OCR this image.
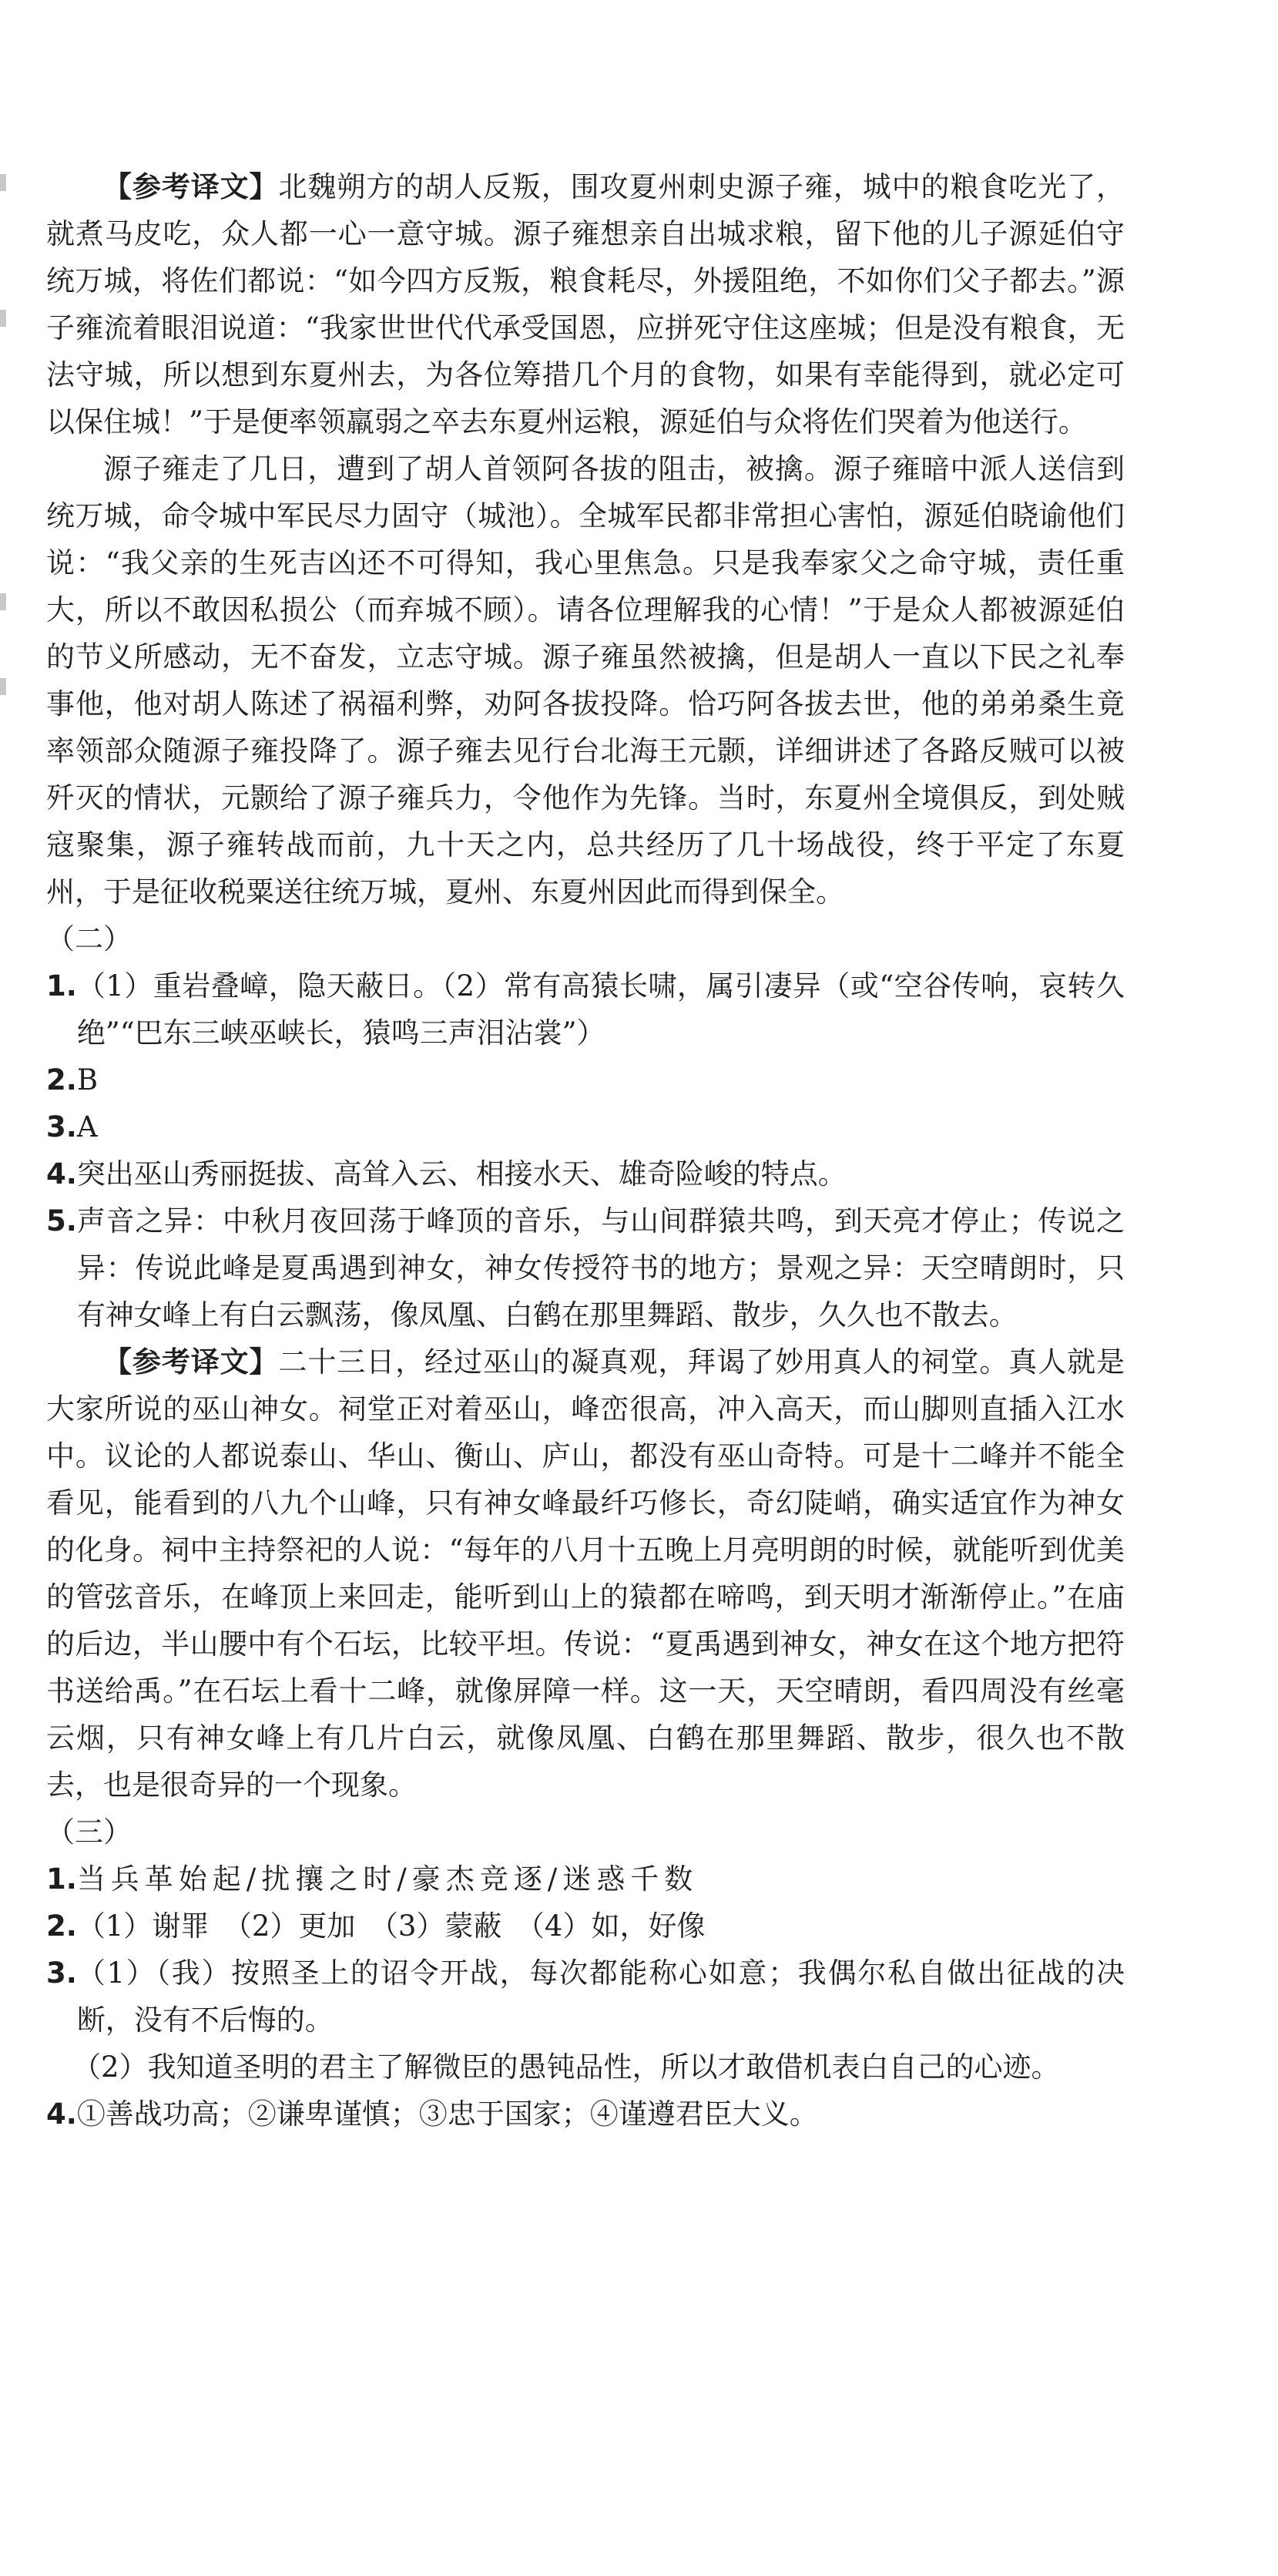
【参考译文】北魏朔方的胡人反叛，围攻夏州刺史源子雍，城中的粮食吃光了，就煮马皮吃，众人都一心一意守城。源子雍想亲自出城求粮，留下他的儿子源延伯守统万城，将佐们都说：“如今四方反叛，粮食耗尽，外援阻绝，不如你们父子都去。”源子雍流着眼泪说道：“我家世世代代承受国恩，应拼死守住这座城；但是没有粮食，无法守城，所以想到东夏州去，为各位筹措几个月的食物，如果有幸能得到，就必定可以保住城！”于是便率领羸弱之卒去东夏州运粮，源延伯与众将佐们哭着为他送行。

源子雍走了几日，遭到了胡人首领阿各拔的阻击，被擒。源子雍暗中派人送信到统万城，命令城中军民尽力固守（城池）。全城军民都非常担心害怕，源延伯晓谕他们说：“我父亲的生死吉凶还不可得知，我心里焦急。只是我奉家父之命守城，责任重大，所以不敢因私损公（而弃城不顾）。请各位理解我的心情！”于是众人都被源延伯的节义所感动，无不奋发，立志守城。源子雍虽然被擒，但是胡人一直以下民之礼奉事他，他对胡人陈述了祸福利弊，劝阿各拔投降。恰巧阿各拔去世，他的弟弟桑生竟率领部众随源子雍投降了。源子雍去见行台北海王元颢，详细讲述了各路反贼可以被歼灭的情状，元颢给了源子雍兵力，令他作为先锋。当时，东夏州全境俱反，到处贼寇聚集，源子雍转战而前，九十天之内，总共经历了几十场战役，终于平定了东夏州，于是征收税粟送往统万城，夏州、东夏州因此而得到保全。

（二）

1. （1）重岩叠嶂，隐天蔽日。（2）常有高猿长啸，属引凄异（或“空谷传响，哀转久绝”“巴东三峡巫峡长，猿鸣三声泪沾裳”）
2. B
3. A
4. 突出巫山秀丽挺拔、高耸入云、相接水天、雄奇险峻的特点。
5. 声音之异：中秋月夜回荡于峰顶的音乐，与山间群猿共鸣，到天亮才停止；传说之异：传说此峰是夏禹遇到神女，神女传授符书的地方；景观之异：天空晴朗时，只有神女峰上有白云飘荡，像凤凰、白鹤在那里舞蹈、散步，久久也不散去。

【参考译文】二十三日，经过巫山的凝真观，拜谒了妙用真人的祠堂。真人就是大家所说的巫山神女。祠堂正对着巫山，峰峦很高，冲入高天，而山脚则直插入江水中。议论的人都说泰山、华山、衡山、庐山，都没有巫山奇特。可是十二峰并不能全看见，能看到的八九个山峰，只有神女峰最纤巧修长，奇幻陡峭，确实适宜作为神女的化身。祠中主持祭祀的人说：“每年的八月十五晚上月亮明朗的时候，就能听到优美的管弦音乐，在峰顶上来回走，能听到山上的猿都在啼鸣，到天明才渐渐停止。”在庙的后边，半山腰中有个石坛，比较平坦。传说：“夏禹遇到神女，神女在这个地方把符书送给禹。”在石坛上看十二峰，就像屏障一样。这一天，天空晴朗，看四周没有丝毫云烟，只有神女峰上有几片白云，就像凤凰、白鹤在那里舞蹈、散步，很久也不散去，也是很奇异的一个现象。

（三）

1. 当兵革始起/扰攘之时/豪杰竞逐/迷惑千数
2. （1）谢罪　（2）更加　（3）蒙蔽　（4）如，好像
3. （1）（我）按照圣上的诏令开战，每次都能称心如意；我偶尔私自做出征战的决断，没有不后悔的。

（2）我知道圣明的君主了解微臣的愚钝品性，所以才敢借机表白自己的心迹。

4. ①善战功高；②谦卑谨慎；③忠于国家；④谨遵君臣大义。
